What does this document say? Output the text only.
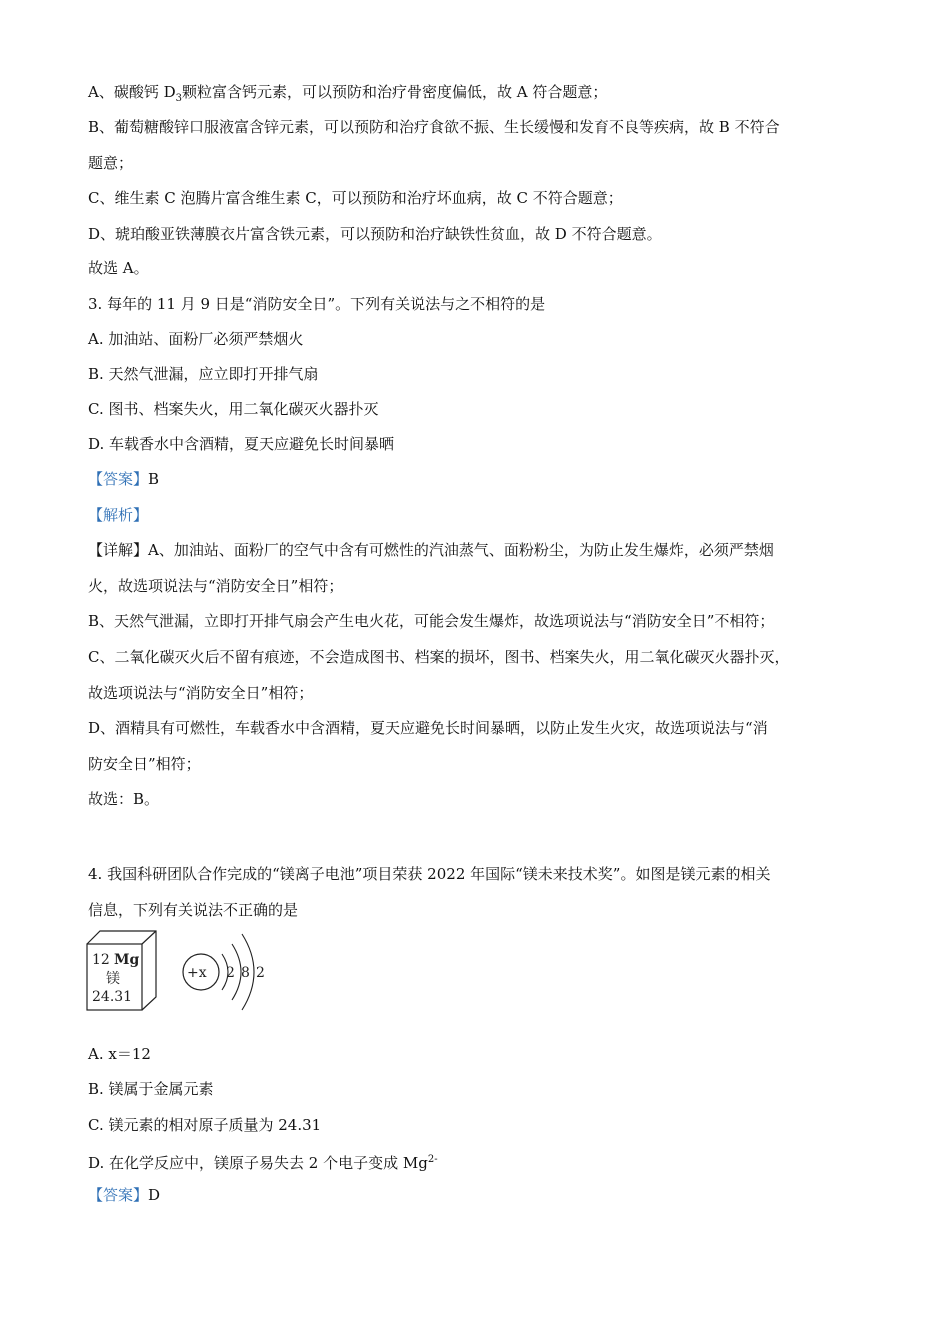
A、碳酸钙 $D_3$颗粒富含钙元素，可以预防和治疗骨密度偏低，故 A 符合题意；
B、葡萄糖酸锌口服液富含锌元素，可以预防和治疗食欲不振、生长缓慢和发育不良等疾病，故 B 不符合
题意；
C、维生素 C 泡腾片富含维生素 C，可以预防和治疗坏血病，故 C 不符合题意；
D、琥珀酸亚铁薄膜衣片富含铁元素，可以预防和治疗缺铁性贫血，故 D 不符合题意。
故选 A。
3. 每年的 11 月 9 日是“消防安全日”。下列有关说法与之不相符的是
A. 加油站、面粉厂必须严禁烟火
B. 天然气泄漏，应立即打开排气扇
C. 图书、档案失火，用二氧化碳灭火器扑灭
D. 车载香水中含酒精，夏天应避免长时间暴晒
【答案】B
【解析】
【详解】A、加油站、面粉厂的空气中含有可燃性的汽油蒸气、面粉粉尘，为防止发生爆炸，必须严禁烟
火，故选项说法与“消防安全日”相符；
B、天然气泄漏，立即打开排气扇会产生电火花，可能会发生爆炸，故选项说法与“消防安全日”不相符；
C、二氧化碳灭火后不留有痕迹，不会造成图书、档案的损坏，图书、档案失火，用二氧化碳灭火器扑灭，
故选项说法与“消防安全日”相符；
D、酒精具有可燃性，车载香水中含酒精，夏天应避免长时间暴晒，以防止发生火灾，故选项说法与“消
防安全日”相符；
故选：B。
4. 我国科研团队合作完成的“镁离子电池”项目荣获 2022 年国际“镁未来技术奖”。如图是镁元素的相关
信息，下列有关说法不正确的是
12 Mg
镁
24.31
+x 2 8 2
A. x＝12
B. 镁属于金属元素
C. 镁元素的相对原子质量为 24.31
D. 在化学反应中，镁原子易失去 2 个电子变成 $Mg^{2-}$
【答案】D
